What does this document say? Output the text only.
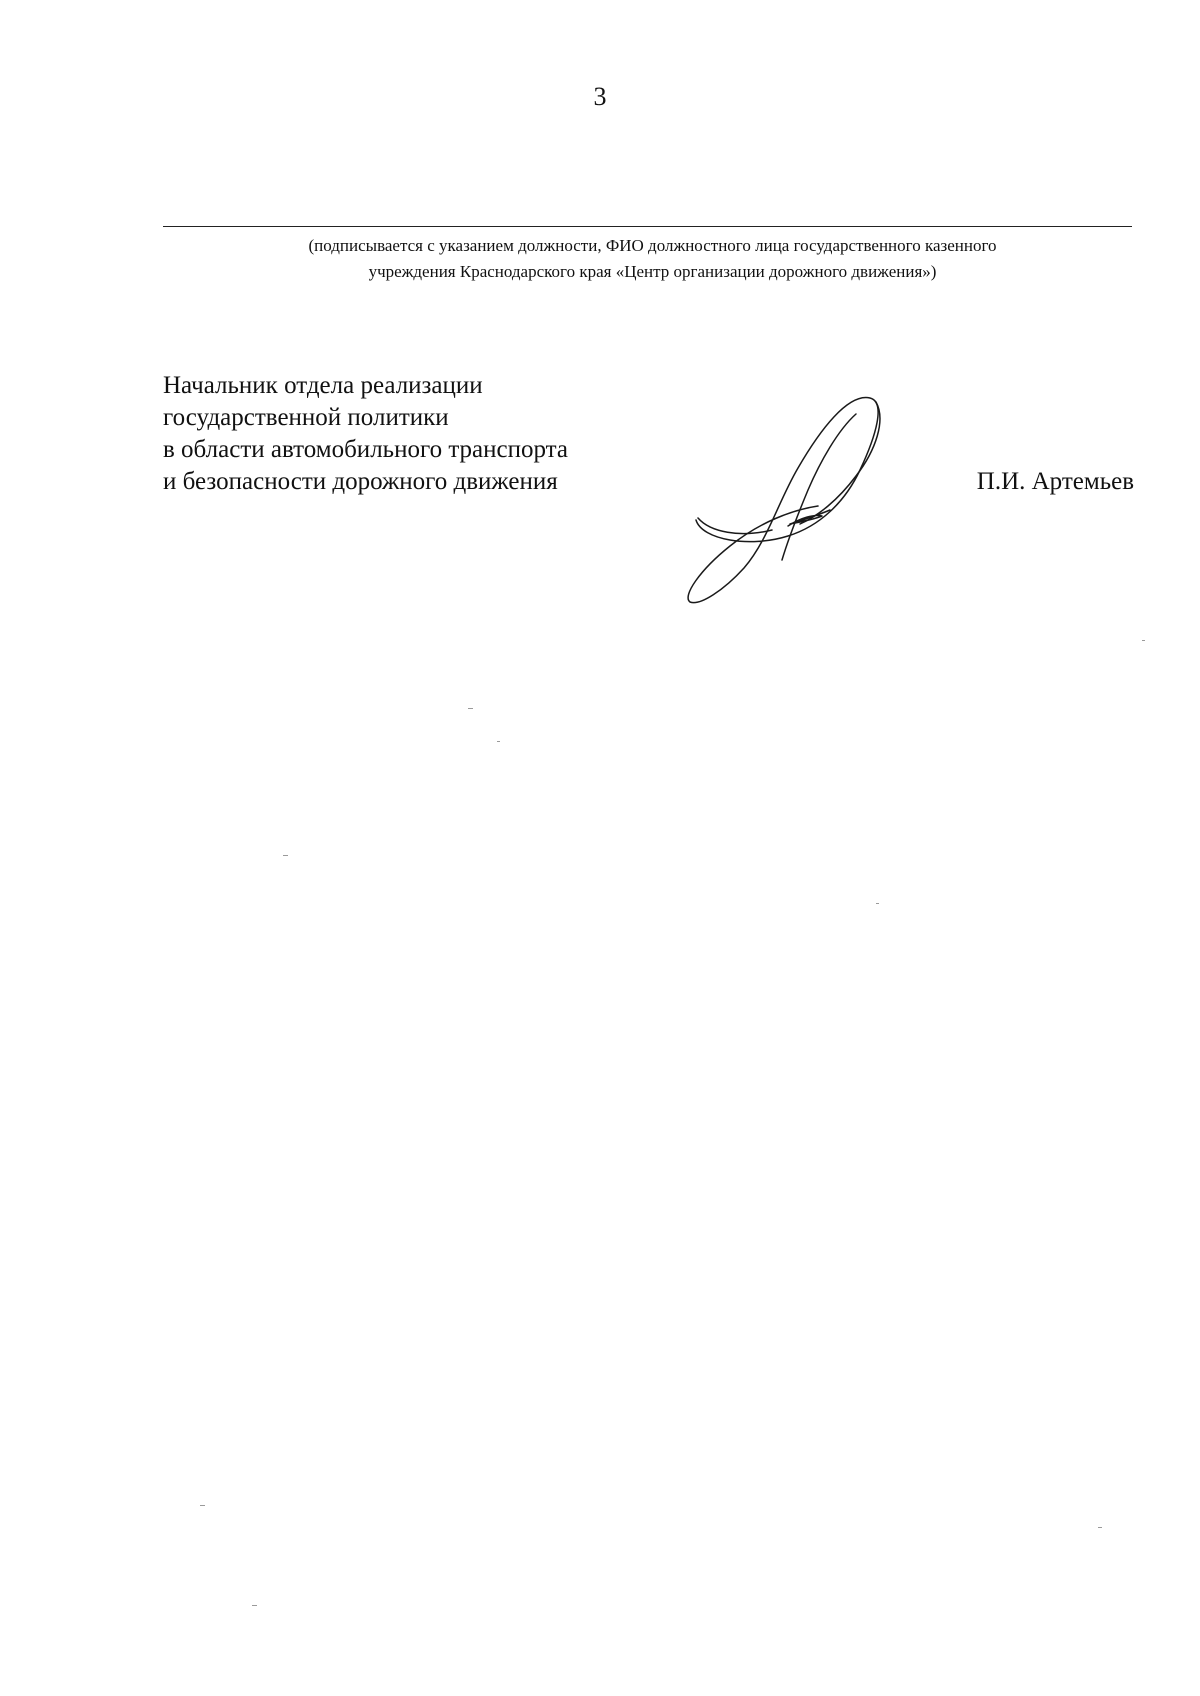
3
(подписывается с указанием должности, ФИО должностного лица государственного казенного
учреждения Краснодарского края «Центр организации дорожного движения»)
Начальник отдела реализации
государственной политики
в области автомобильного транспорта
и безопасности дорожного движения	П.И. Артемьев
